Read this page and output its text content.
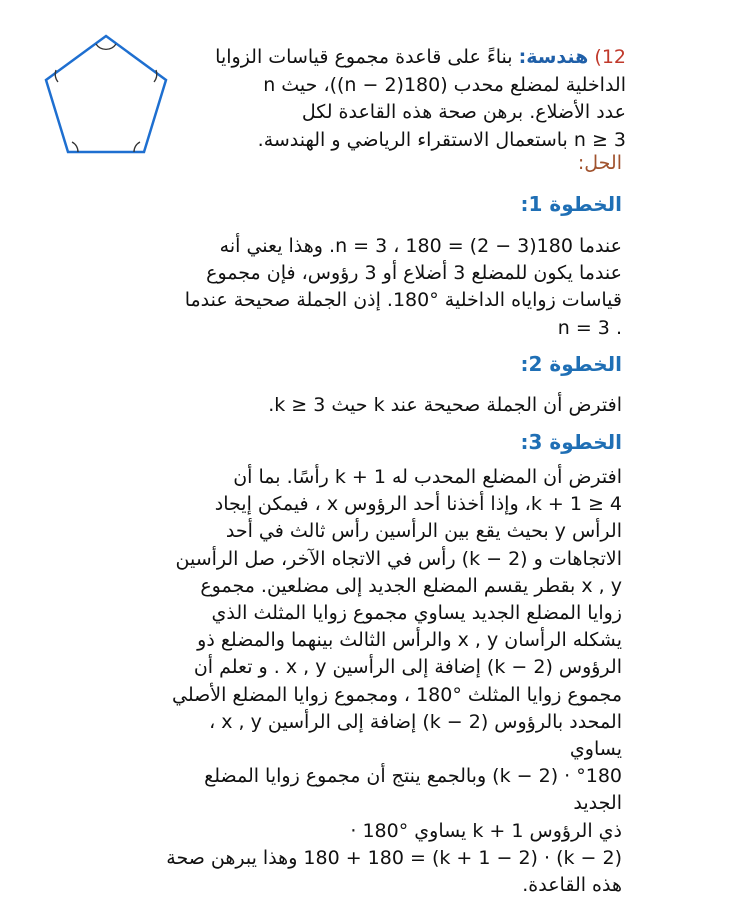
12) هندسة: بناءً على قاعدة مجموع قياسات الزوايا
الداخلية لمضلع محدب (180(n − 2))، حيث n
عدد الأضلاع. برهن صحة هذه القاعدة لكل
n ≥ 3 باستعمال الاستقراء الرياضي و الهندسة.
الحل:
الخطوة 1:
عندما n = 3 ، 180 = (2 − 3)180. وهذا يعني أنه
عندما يكون للمضلع 3 أضلاع أو 3 رؤوس، فإن مجموع
قياسات زواياه الداخلية °180. إذن الجملة صحيحة عندما
. n = 3
الخطوة 2:
افترض أن الجملة صحيحة عند k حيث k ≥ 3.
الخطوة 3:
افترض أن المضلع المحدب له k + 1 رأسًا. بما أن
k + 1 ≥ 4، وإذا أخذنا أحد الرؤوس x ، فيمكن إيجاد
الرأس y بحيث يقع بين الرأسين رأس ثالث في أحد
الاتجاهات و (k − 2) رأس في الاتجاه الآخر، صل الرأسين
x , y بقطر يقسم المضلع الجديد إلى مضلعين. مجموع
زوايا المضلع الجديد يساوي مجموع زوايا المثلث الذي
يشكله الرأسان x , y والرأس الثالث بينهما والمضلع ذو
الرؤوس (k − 2) إضافة إلى الرأسين x , y . و تعلم أن
مجموع زوايا المثلث °180 ، ومجموع زوايا المضلع الأصلي
المحدد بالرؤوس (k − 2) إضافة إلى الرأسين x , y ، يساوي
°180 · (k − 2) وبالجمع ينتج أن مجموع زوايا المضلع الجديد
ذي الرؤوس k + 1 يساوي °180 ·
(k − 2) · 180 + 180 = (k + 1 − 2) وهذا يبرهن صحة
هذه القاعدة.
